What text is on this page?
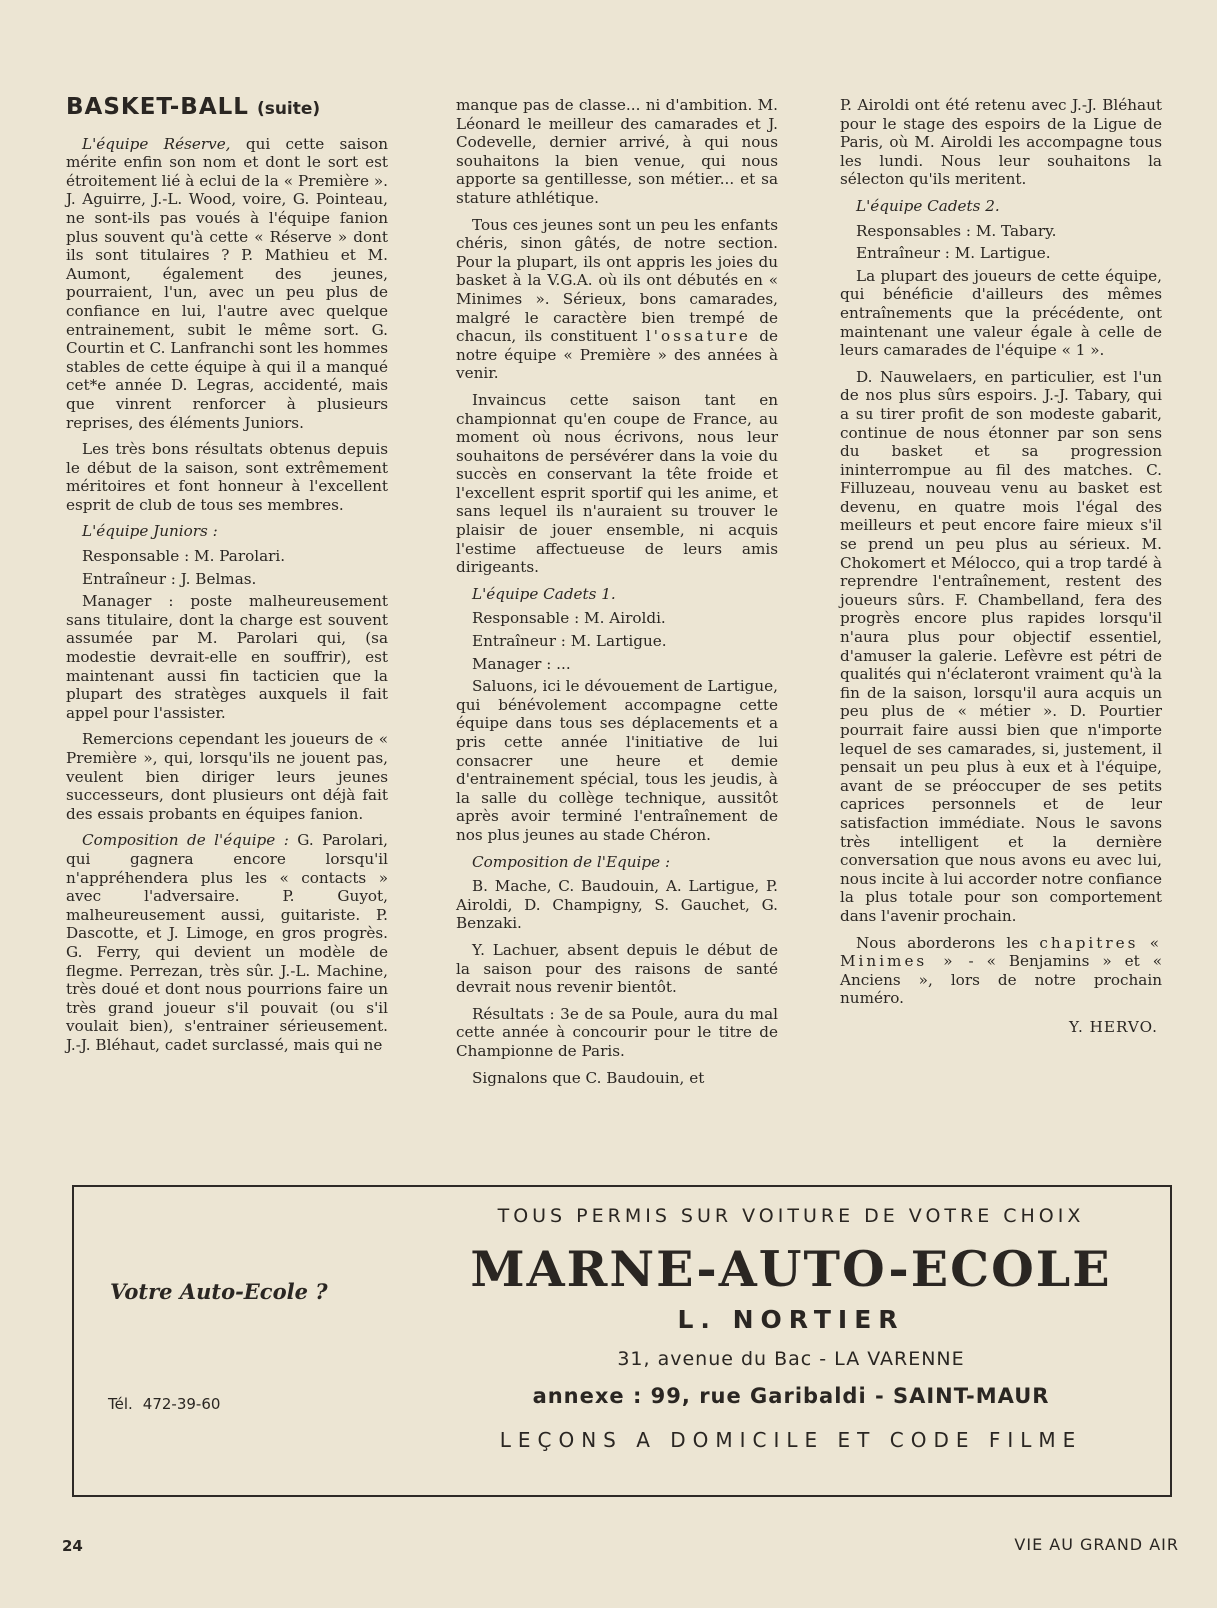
BASKET-BALL (suite)

L'équipe Réserve, qui cette saison mérite enfin son nom et dont le sort est étroitement lié à eclui de la « Première ». J. Aguirre, J.-L. Wood, voire, G. Pointeau, ne sont-ils pas voués à l'équipe fanion plus souvent qu'à cette « Réserve » dont ils sont titulaires ? P. Mathieu et M. Aumont, également des jeunes, pourraient, l'un, avec un peu plus de confiance en lui, l'autre avec quelque entrainement, subit le même sort. G. Courtin et C. Lanfranchi sont les hommes stables de cette équipe à qui il a manqué cet*e année D. Legras, accidenté, mais que vinrent renforcer à plusieurs reprises, des éléments Juniors.

Les très bons résultats obtenus depuis le début de la saison, sont extrêmement méritoires et font honneur à l'excellent esprit de club de tous ses membres.

L'équipe Juniors :

Responsable : M. Parolari.

Entraîneur : J. Belmas.

Manager : poste malheureusement sans titulaire, dont la charge est souvent assumée par M. Parolari qui, (sa modestie devrait-elle en souffrir), est maintenant aussi fin tacticien que la plupart des stratèges auxquels il fait appel pour l'assister.

Remercions cependant les joueurs de « Première », qui, lorsqu'ils ne jouent pas, veulent bien diriger leurs jeunes successeurs, dont plusieurs ont déjà fait des essais probants en équipes fanion.

Composition de l'équipe : G. Parolari, qui gagnera encore lorsqu'il n'appréhendera plus les « contacts » avec l'adversaire. P. Guyot, malheureusement aussi, guitariste. P. Dascotte, et J. Limoge, en gros progrès. G. Ferry, qui devient un modèle de flegme. Perrezan, très sûr. J.-L. Machine, très doué et dont nous pourrions faire un très grand joueur s'il pouvait (ou s'il voulait bien), s'entrainer sérieusement. J.-J. Bléhaut, cadet surclassé, mais qui ne

manque pas de classe... ni d'ambition. M. Léonard le meilleur des camarades et J. Codevelle, dernier arrivé, à qui nous souhaitons la bien venue, qui nous apporte sa gentillesse, son métier... et sa stature athlétique.

Tous ces jeunes sont un peu les enfants chéris, sinon gâtés, de notre section. Pour la plupart, ils ont appris les joies du basket à la V.G.A. où ils ont débutés en « Minimes ». Sérieux, bons camarades, malgré le caractère bien trempé de chacun, ils constituent l'ossature de notre équipe « Première » des années à venir.

Invaincus cette saison tant en championnat qu'en coupe de France, au moment où nous écrivons, nous leur souhaitons de persévérer dans la voie du succès en conservant la tête froide et l'excellent esprit sportif qui les anime, et sans lequel ils n'auraient su trouver le plaisir de jouer ensemble, ni acquis l'estime affectueuse de leurs amis dirigeants.

L'équipe Cadets 1.

Responsable : M. Airoldi.

Entraîneur : M. Lartigue.

Manager : ...

Saluons, ici le dévouement de Lartigue, qui bénévolement accompagne cette équipe dans tous ses déplacements et a pris cette année l'initiative de lui consacrer une heure et demie d'entrainement spécial, tous les jeudis, à la salle du collège technique, aussitôt après avoir terminé l'entraînement de nos plus jeunes au stade Chéron.

Composition de l'Equipe :

B. Mache, C. Baudouin, A. Lartigue, P. Airoldi, D. Champigny, S. Gauchet, G. Benzaki.

Y. Lachuer, absent depuis le début de la saison pour des raisons de santé devrait nous revenir bientôt.

Résultats : 3e de sa Poule, aura du mal cette année à concourir pour le titre de Championne de Paris.

Signalons que C. Baudouin, et

P. Airoldi ont été retenu avec J.-J. Bléhaut pour le stage des espoirs de la Ligue de Paris, où M. Airoldi les accompagne tous les lundi. Nous leur souhaitons la sélecton qu'ils meritent.

L'équipe Cadets 2.

Responsables : M. Tabary.

Entraîneur : M. Lartigue.

La plupart des joueurs de cette équipe, qui bénéficie d'ailleurs des mêmes entraînements que la précédente, ont maintenant une valeur égale à celle de leurs camarades de l'équipe « 1 ».

D. Nauwelaers, en particulier, est l'un de nos plus sûrs espoirs. J.-J. Tabary, qui a su tirer profit de son modeste gabarit, continue de nous étonner par son sens du basket et sa progression ininterrompue au fil des matches. C. Filluzeau, nouveau venu au basket est devenu, en quatre mois l'égal des meilleurs et peut encore faire mieux s'il se prend un peu plus au sérieux. M. Chokomert et Mélocco, qui a trop tardé à reprendre l'entraînement, restent des joueurs sûrs. F. Chambelland, fera des progrès encore plus rapides lorsqu'il n'aura plus pour objectif essentiel, d'amuser la galerie. Lefèvre est pétri de qualités qui n'éclateront vraiment qu'à la fin de la saison, lorsqu'il aura acquis un peu plus de « métier ». D. Pourtier pourrait faire aussi bien que n'importe lequel de ses camarades, si, justement, il pensait un peu plus à eux et à l'équipe, avant de se préoccuper de ses petits caprices personnels et de leur satisfaction immédiate. Nous le savons très intelligent et la dernière conversation que nous avons eu avec lui, nous incite à lui accorder notre confiance la plus totale pour son comportement dans l'avenir prochain.

Nous aborderons les chapitres « Minimes » - « Benjamins » et « Anciens », lors de notre prochain numéro.

Y. HERVO.

Votre Auto-Ecole ?
Tél. 472-39-60
TOUS PERMIS SUR VOITURE DE VOTRE CHOIX
MARNE-AUTO-ECOLE
L. NORTIER
31, avenue du Bac - LA VARENNE
annexe : 99, rue Garibaldi - SAINT-MAUR
LEÇONS A DOMICILE ET CODE FILME
24	VIE AU GRAND AIR
